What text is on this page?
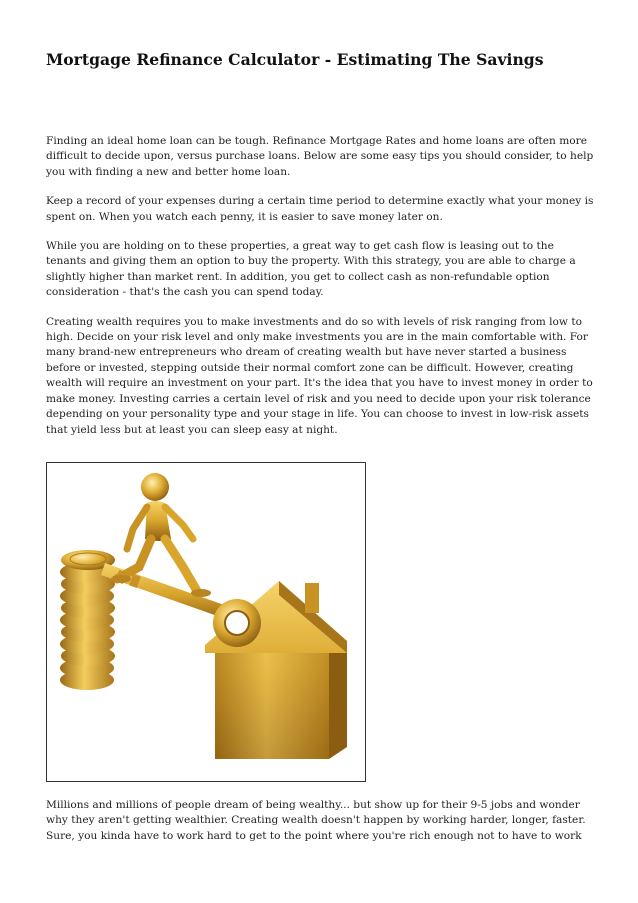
Mortgage Refinance Calculator - Estimating The Savings

Finding an ideal home loan can be tough. Refinance Mortgage Rates and home loans are often more difficult to decide upon, versus purchase loans. Below are some easy tips you should consider, to help you with finding a new and better home loan.

Keep a record of your expenses during a certain time period to determine exactly what your money is spent on. When you watch each penny, it is easier to save money later on.

While you are holding on to these properties, a great way to get cash flow is leasing out to the tenants and giving them an option to buy the property. With this strategy, you are able to charge a slightly higher than market rent. In addition, you get to collect cash as non-refundable option consideration - that's the cash you can spend today.

Creating wealth requires you to make investments and do so with levels of risk ranging from low to high. Decide on your risk level and only make investments you are in the main comfortable with. For many brand-new entrepreneurs who dream of creating wealth but have never started a business before or invested, stepping outside their normal comfort zone can be difficult. However, creating wealth will require an investment on your part. It's the idea that you have to invest money in order to make money. Investing carries a certain level of risk and you need to decide upon your risk tolerance depending on your personality type and your stage in life. You can choose to invest in low-risk assets that yield less but at least you can sleep easy at night.

Millions and millions of people dream of being wealthy... but show up for their 9-5 jobs and wonder why they aren't getting wealthier. Creating wealth doesn't happen by working harder, longer, faster. Sure, you kinda have to work hard to get to the point where you're rich enough not to have to work
